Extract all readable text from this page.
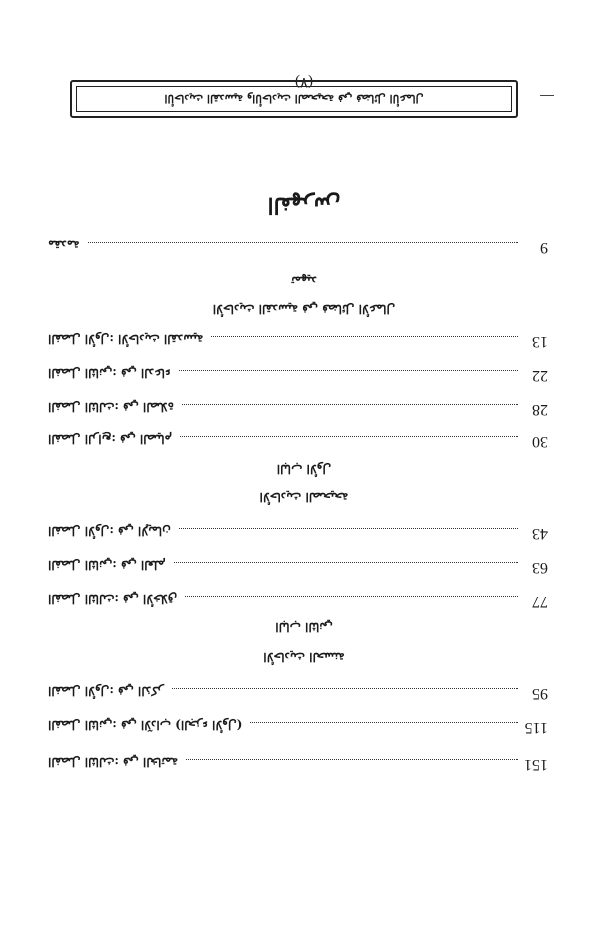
(٧)
الفصل الثالث: في الخاتمة	151
الفصل الثاني: في الآداب (الجزء الأول)	115
الفصل الأول: في الذكر	95
الأحاديث الحسنة
الباب الثاني
الفصل الثالث: في الأخلاق	77
الفصل الثاني: في العلم	63
الفصل الأول: في الإيمان	43
الأحاديث الصحيحة
الباب الأول
الفصل الرابع: في الصيام	30
الفصل الثالث: في الصلاة	28
الفصل الثاني: في الدعاء	22
الفصل الأول: الأحاديث القدسية	13
الأحاديث القدسية في فضائل الأعمال
تمهيد
مقدمة	9
الفهرس
الأحاديث القدسية والأحاديث الصحيحة في فضائل الأعمال
